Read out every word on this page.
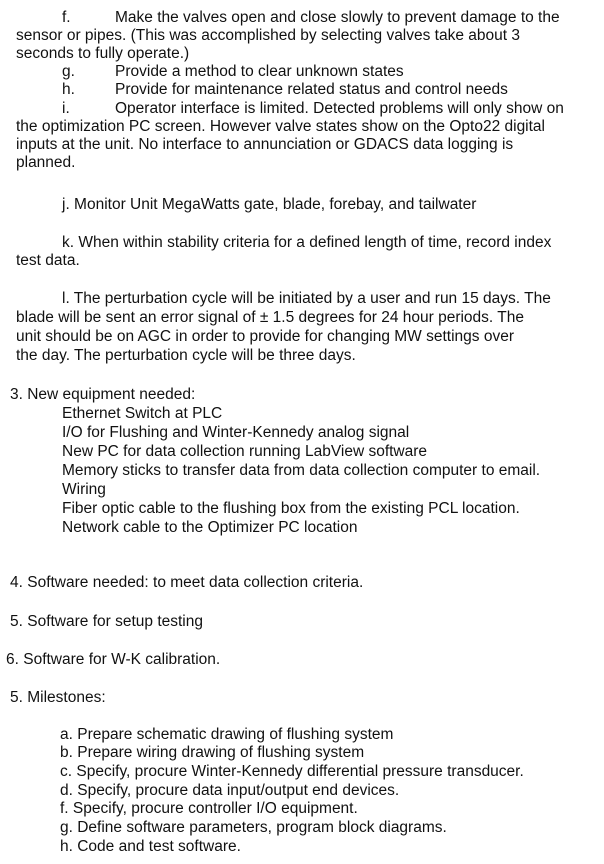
f.	Make the valves open and close slowly to prevent damage to the
sensor or pipes. (This was accomplished by selecting valves take about 3
seconds to fully operate.)
g.	Provide a method to clear unknown states
h.	Provide for maintenance related status and control needs
i.	Operator interface is limited. Detected problems will only show on
the optimization PC screen. However valve states show on the Opto22 digital
inputs at the unit. No interface to annunciation or GDACS data logging is
planned.
j. Monitor Unit MegaWatts gate, blade, forebay, and tailwater
k. When within stability criteria for a defined length of time, record index
test data.
l. The perturbation cycle will be initiated by a user and run 15 days. The
blade will be sent an error signal of ± 1.5 degrees for 24 hour periods. The
unit should be on AGC in order to provide for changing MW settings over
the day. The perturbation cycle will be three days.
3. New equipment needed:
Ethernet Switch at PLC
I/O for Flushing and Winter-Kennedy analog signal
New PC for data collection running LabView software
Memory sticks to transfer data from data collection computer to email.
Wiring
Fiber optic cable to the flushing box from the existing PCL location.
Network cable to the Optimizer PC location
4. Software needed: to meet data collection criteria.
5. Software for setup testing
6. Software for W-K calibration.
5. Milestones:
a. Prepare schematic drawing of flushing system
b. Prepare wiring drawing of flushing system
c. Specify, procure Winter-Kennedy differential pressure transducer.
d. Specify, procure data input/output end devices.
f. Specify, procure controller I/O equipment.
g. Define software parameters, program block diagrams.
h. Code and test software.
